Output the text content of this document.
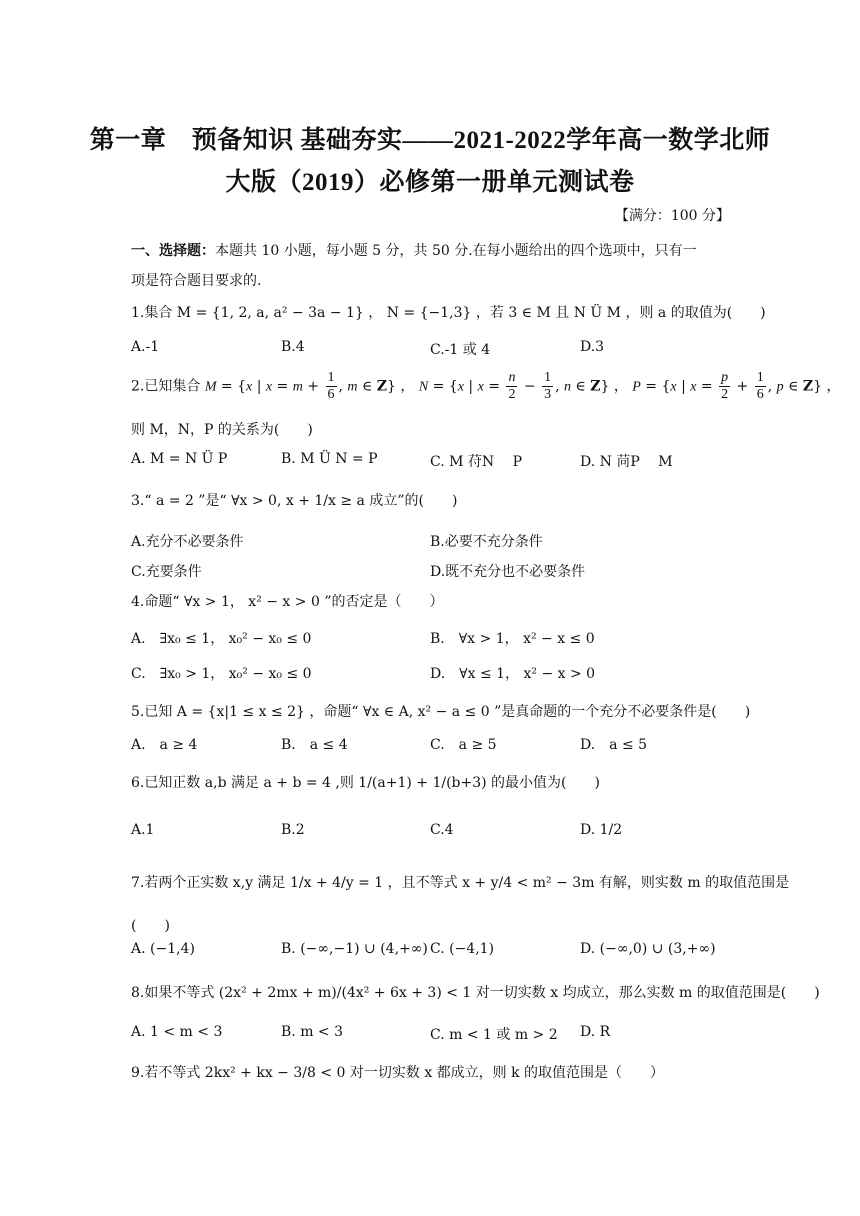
第一章　预备知识 基础夯实——2021-2022学年高一数学北师
大版（2019）必修第一册单元测试卷
【满分：100 分】
一、选择题：本题共 10 小题，每小题 5 分，共 50 分.在每小题给出的四个选项中，只有一
项是符合题目要求的.
1.集合 M = {1, 2, a, a² − 3a − 1} ， N = {−1,3} ，若 3 ∈ M 且 N Ü M ，则 a 的取值为(　　)
A.-1	B.4	C.-1 或 4	D.3
2.已知集合 M = {x | $x = m + \frac{1}{6}$ , m ∈ Z} ， N = {x | $x = \frac{n}{2} - \frac{1}{3}$ , n ∈ Z} ， P = {x | $x = \frac{p}{2} + \frac{1}{6}$ , p ∈ Z} ，
则 M，N，P 的关系为(　　)
A. M = N Ü P	B. M Ü N = P	C. M 苻N　 P	D. N 苘P　 M
3.“ a = 2 ”是“ ∀x > 0, x + 1/x ≥ a 成立”的(　　)
A.充分不必要条件	B.必要不充分条件
C.充要条件	D.既不充分也不必要条件
4.命题“ ∀x > 1， x² − x > 0 ”的否定是（　　）
A.　∃x₀ ≤ 1， x₀² − x₀ ≤ 0	B.　∀x > 1， x² − x ≤ 0
C.　∃x₀ > 1， x₀² − x₀ ≤ 0	D.　∀x ≤ 1， x² − x > 0
5.已知 A = {x|1 ≤ x ≤ 2} ，命题“ ∀x ∈ A, x² − a ≤ 0 ”是真命题的一个充分不必要条件是(　　)
A.　a ≥ 4	B.　a ≤ 4	C.　a ≥ 5	D.　a ≤ 5
6.已知正数 a,b 满足 a + b = 4 ,则 1/(a+1) + 1/(b+3) 的最小值为(　　)
A.1	B.2	C.4	D. 1/2
7.若两个正实数 x,y 满足 1/x + 4/y = 1 ，且不等式 x + y/4 < m² − 3m 有解，则实数 m 的取值范围是
(　　)
A. (−1,4)	B. (−∞,−1) ∪ (4,+∞) C. (−4,1)	D. (−∞,0) ∪ (3,+∞)
8.如果不等式 (2x² + 2mx + m)/(4x² + 6x + 3) < 1 对一切实数 x 均成立，那么实数 m 的取值范围是(　　)
A. 1 < m < 3	B. m < 3	C. m < 1 或 m > 2 D. R
9.若不等式 2kx² + kx − 3/8 < 0 对一切实数 x 都成立，则 k 的取值范围是（　　）
